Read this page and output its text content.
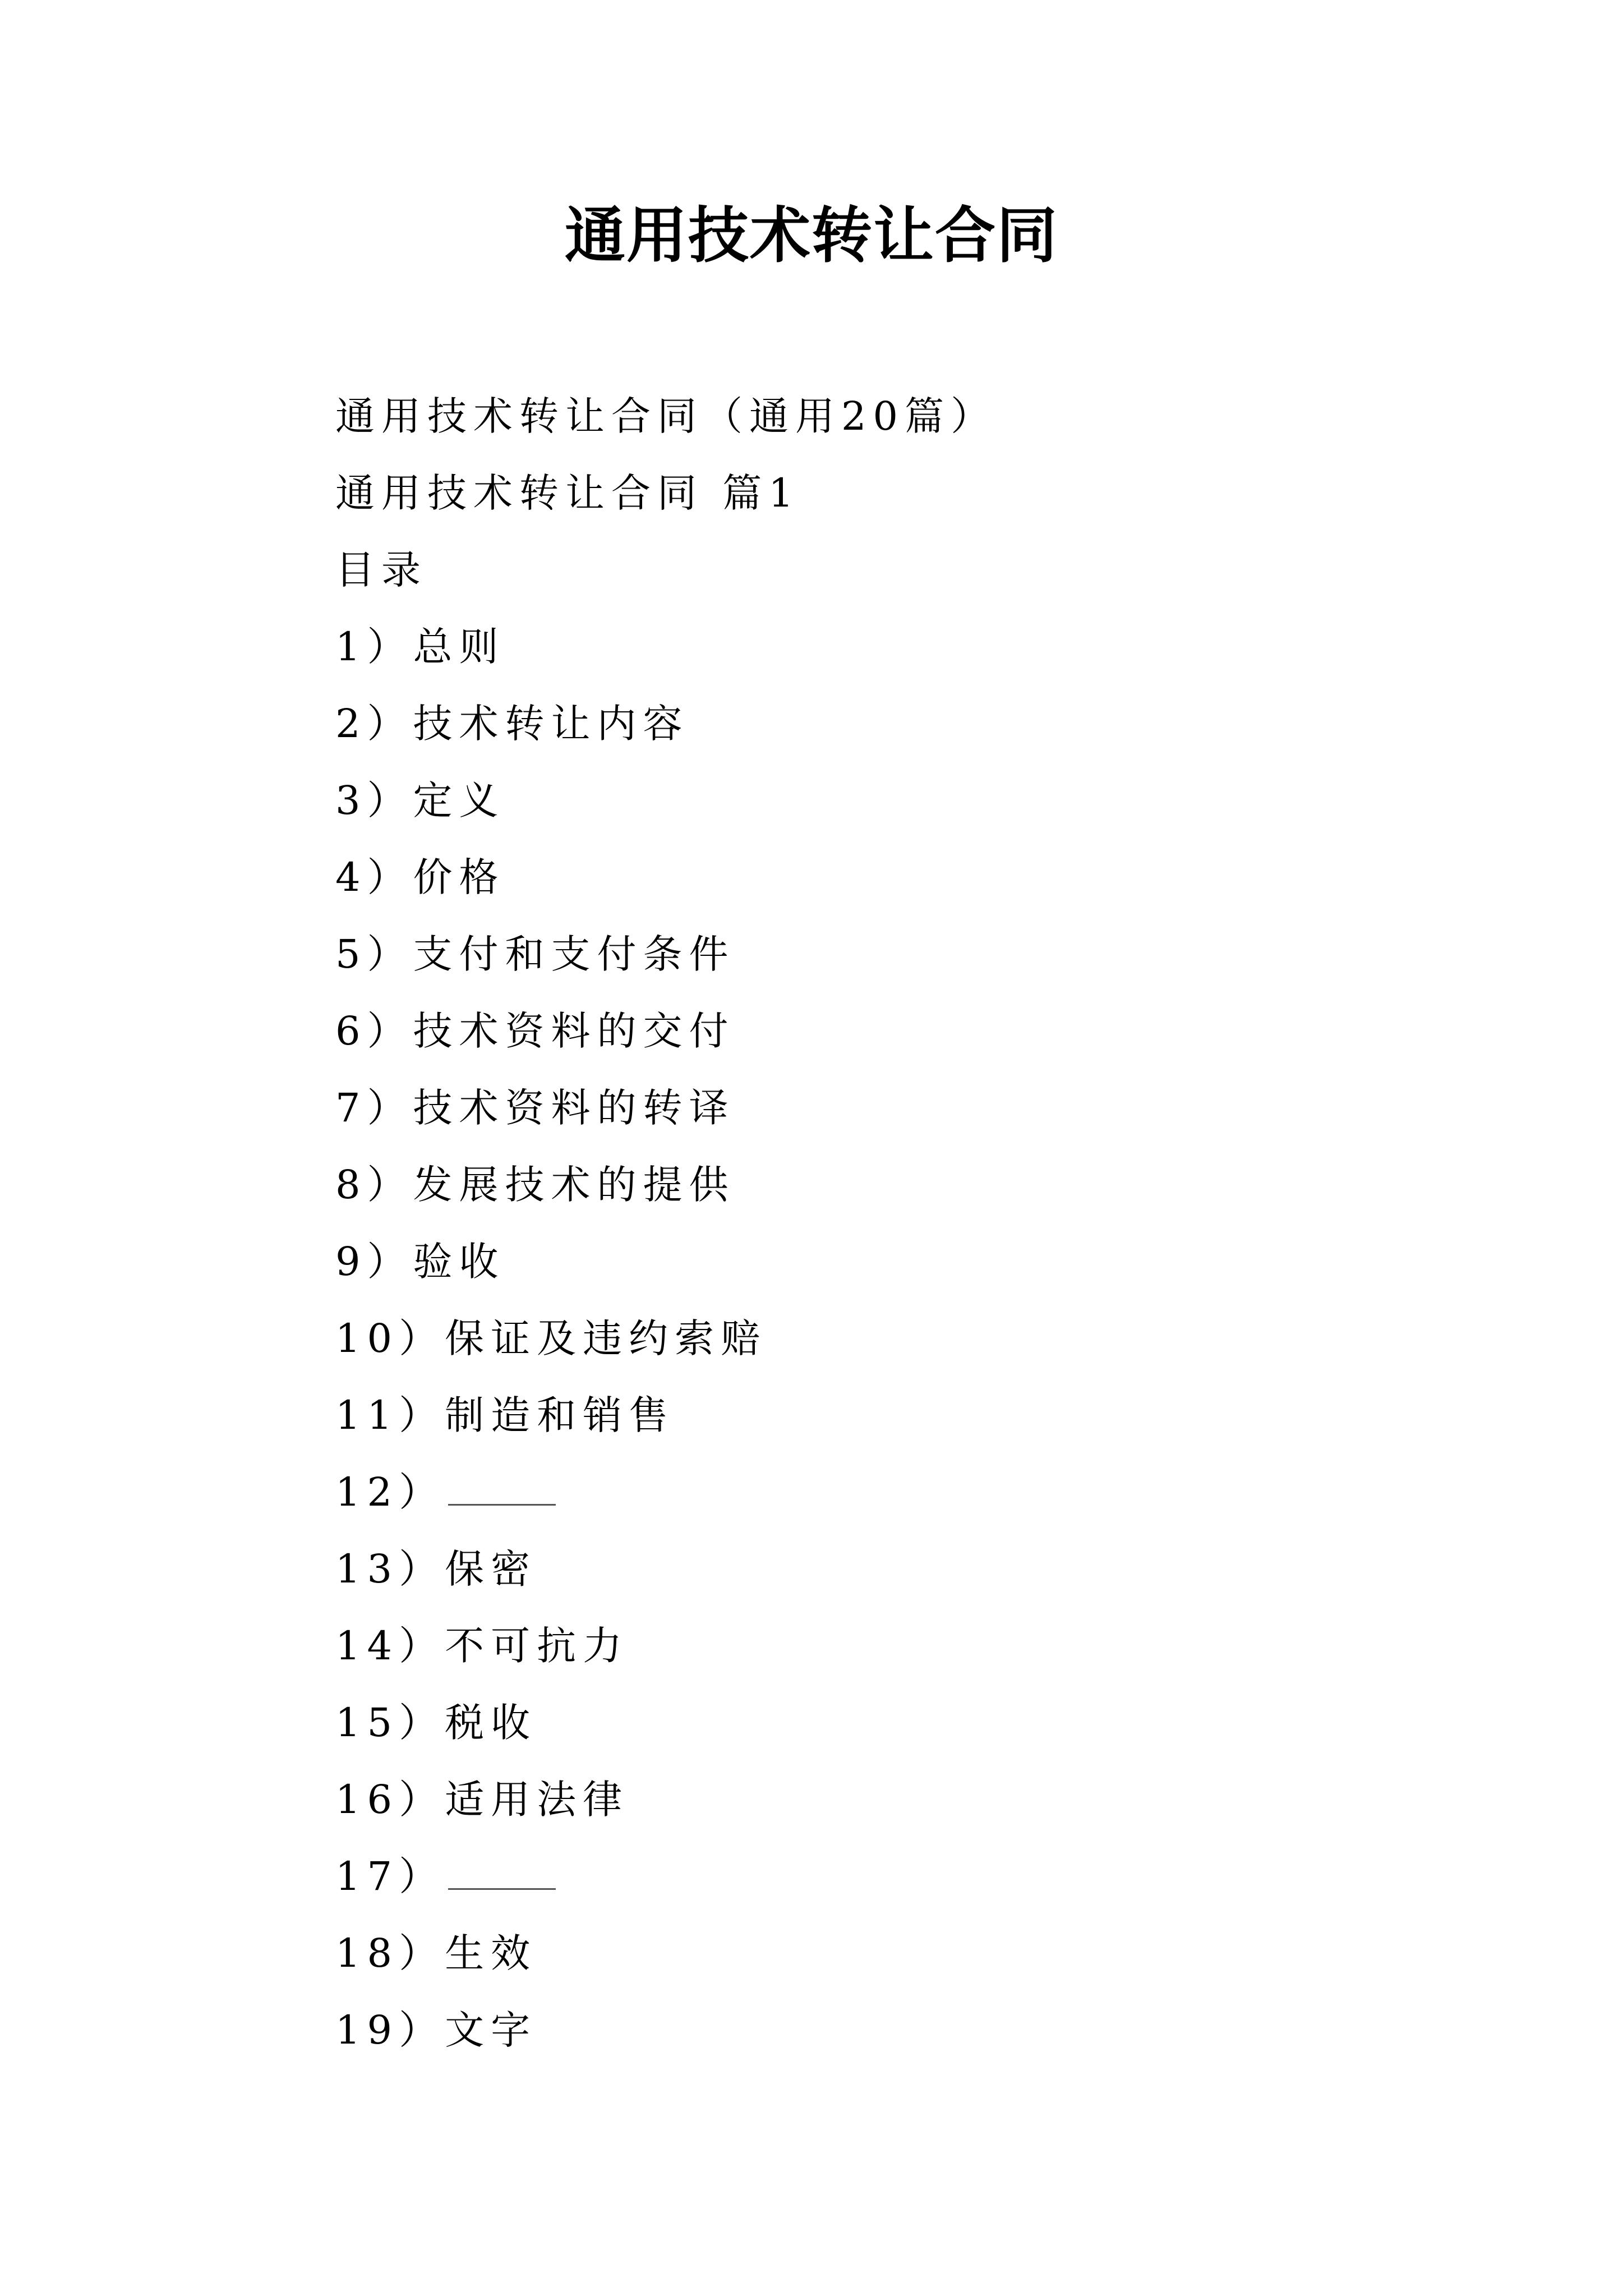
通用技术转让合同
通用技术转让合同（通用20篇）
通用技术转让合同 篇1
目录
1）总则
2）技术转让内容
3）定义
4）价格
5）支付和支付条件
6）技术资料的交付
7）技术资料的转译
8）发展技术的提供
9）验收
10）保证及违约索赔
11）制造和销售
12）
13）保密
14）不可抗力
15）税收
16）适用法律
17）
18）生效
19）文字
